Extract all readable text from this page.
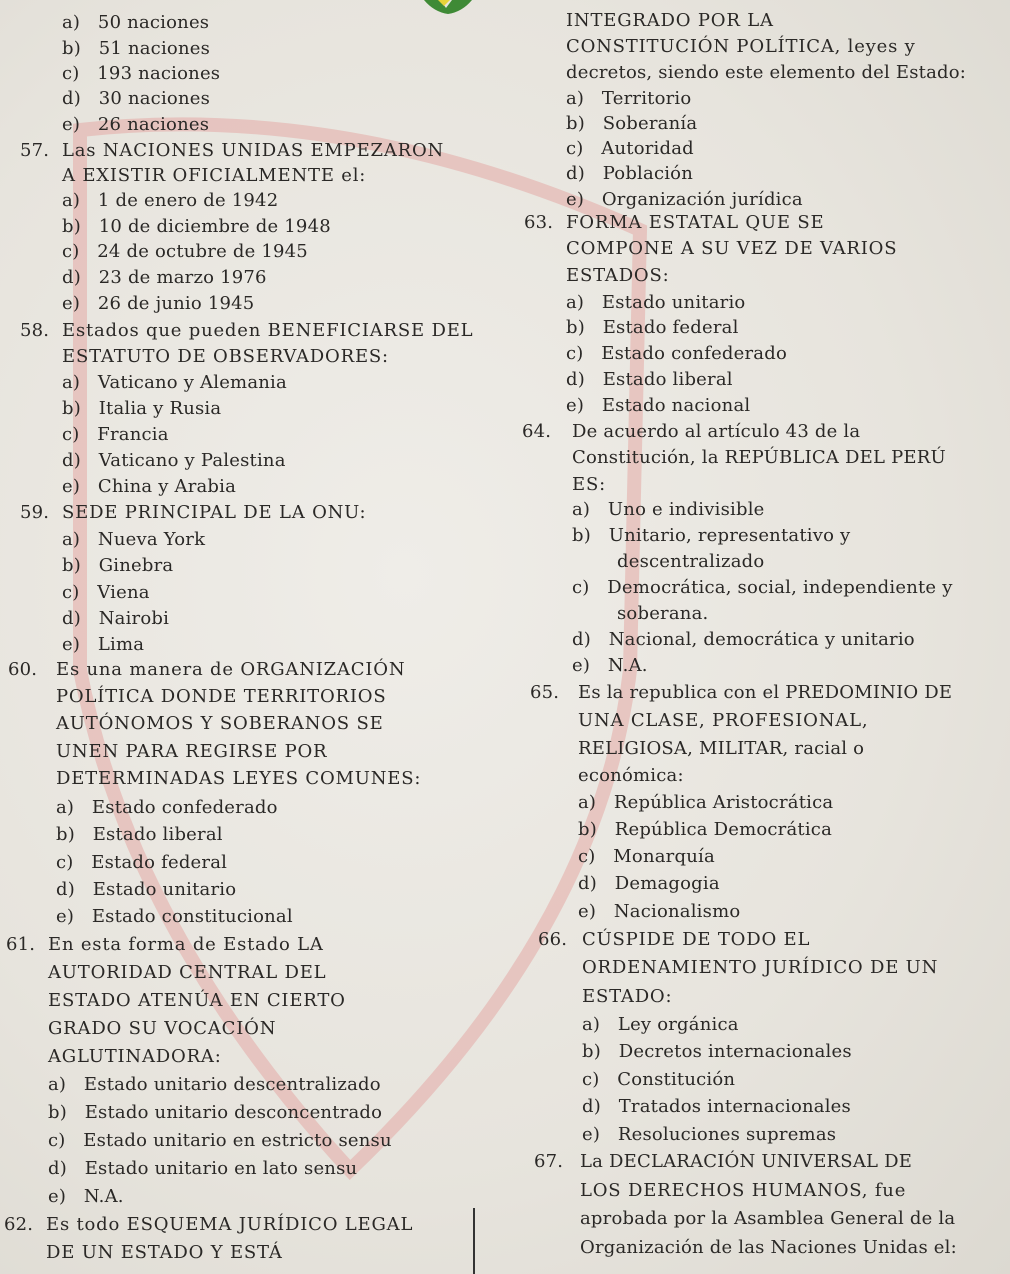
a) 50 naciones
b) 51 naciones
c) 193 naciones
d) 30 naciones
e) 26 naciones
57. Las NACIONES UNIDAS EMPEZARON
A EXISTIR OFICIALMENTE el:
a) 1 de enero de 1942
b) 10 de diciembre de 1948
c) 24 de octubre de 1945
d) 23 de marzo 1976
e) 26 de junio 1945
58. Estados que pueden BENEFICIARSE DEL
ESTATUTO DE OBSERVADORES:
a) Vaticano y Alemania
b) Italia y Rusia
c) Francia
d) Vaticano y Palestina
e) China y Arabia
59. SEDE PRINCIPAL DE LA ONU:
a) Nueva York
b) Ginebra
c) Viena
d) Nairobi
e) Lima
60. Es una manera de ORGANIZACIÓN
POLÍTICA DONDE TERRITORIOS
AUTÓNOMOS Y SOBERANOS SE
UNEN PARA REGIRSE POR
DETERMINADAS LEYES COMUNES:
a) Estado confederado
b) Estado liberal
c) Estado federal
d) Estado unitario
e) Estado constitucional
61. En esta forma de Estado LA
AUTORIDAD CENTRAL DEL
ESTADO ATENÚA EN CIERTO
GRADO SU VOCACIÓN
AGLUTINADORA:
a) Estado unitario descentralizado
b) Estado unitario desconcentrado
c) Estado unitario en estricto sensu
d) Estado unitario en lato sensu
e) N.A.
62. Es todo ESQUEMA JURÍDICO LEGAL
DE UN ESTADO Y ESTÁ
INTEGRADO POR LA
CONSTITUCIÓN POLÍTICA, leyes y
decretos, siendo este elemento del Estado:
a) Territorio
b) Soberanía
c) Autoridad
d) Población
e) Organización jurídica
63. FORMA ESTATAL QUE SE
COMPONE A SU VEZ DE VARIOS
ESTADOS:
a) Estado unitario
b) Estado federal
c) Estado confederado
d) Estado liberal
e) Estado nacional
64. De acuerdo al artículo 43 de la
Constitución, la REPÚBLICA DEL PERÚ
ES:
a) Uno e indivisible
b) Unitario, representativo y
descentralizado
c) Democrática, social, independiente y
soberana.
d) Nacional, democrática y unitario
e) N.A.
65. Es la republica con el PREDOMINIO DE
UNA CLASE, PROFESIONAL,
RELIGIOSA, MILITAR, racial o
económica:
a) República Aristocrática
b) República Democrática
c) Monarquía
d) Demagogia
e) Nacionalismo
66. CÚSPIDE DE TODO EL
ORDENAMIENTO JURÍDICO DE UN
ESTADO:
a) Ley orgánica
b) Decretos internacionales
c) Constitución
d) Tratados internacionales
e) Resoluciones supremas
67. La DECLARACIÓN UNIVERSAL DE
LOS DERECHOS HUMANOS, fue
aprobada por la Asamblea General de la
Organización de las Naciones Unidas el:
